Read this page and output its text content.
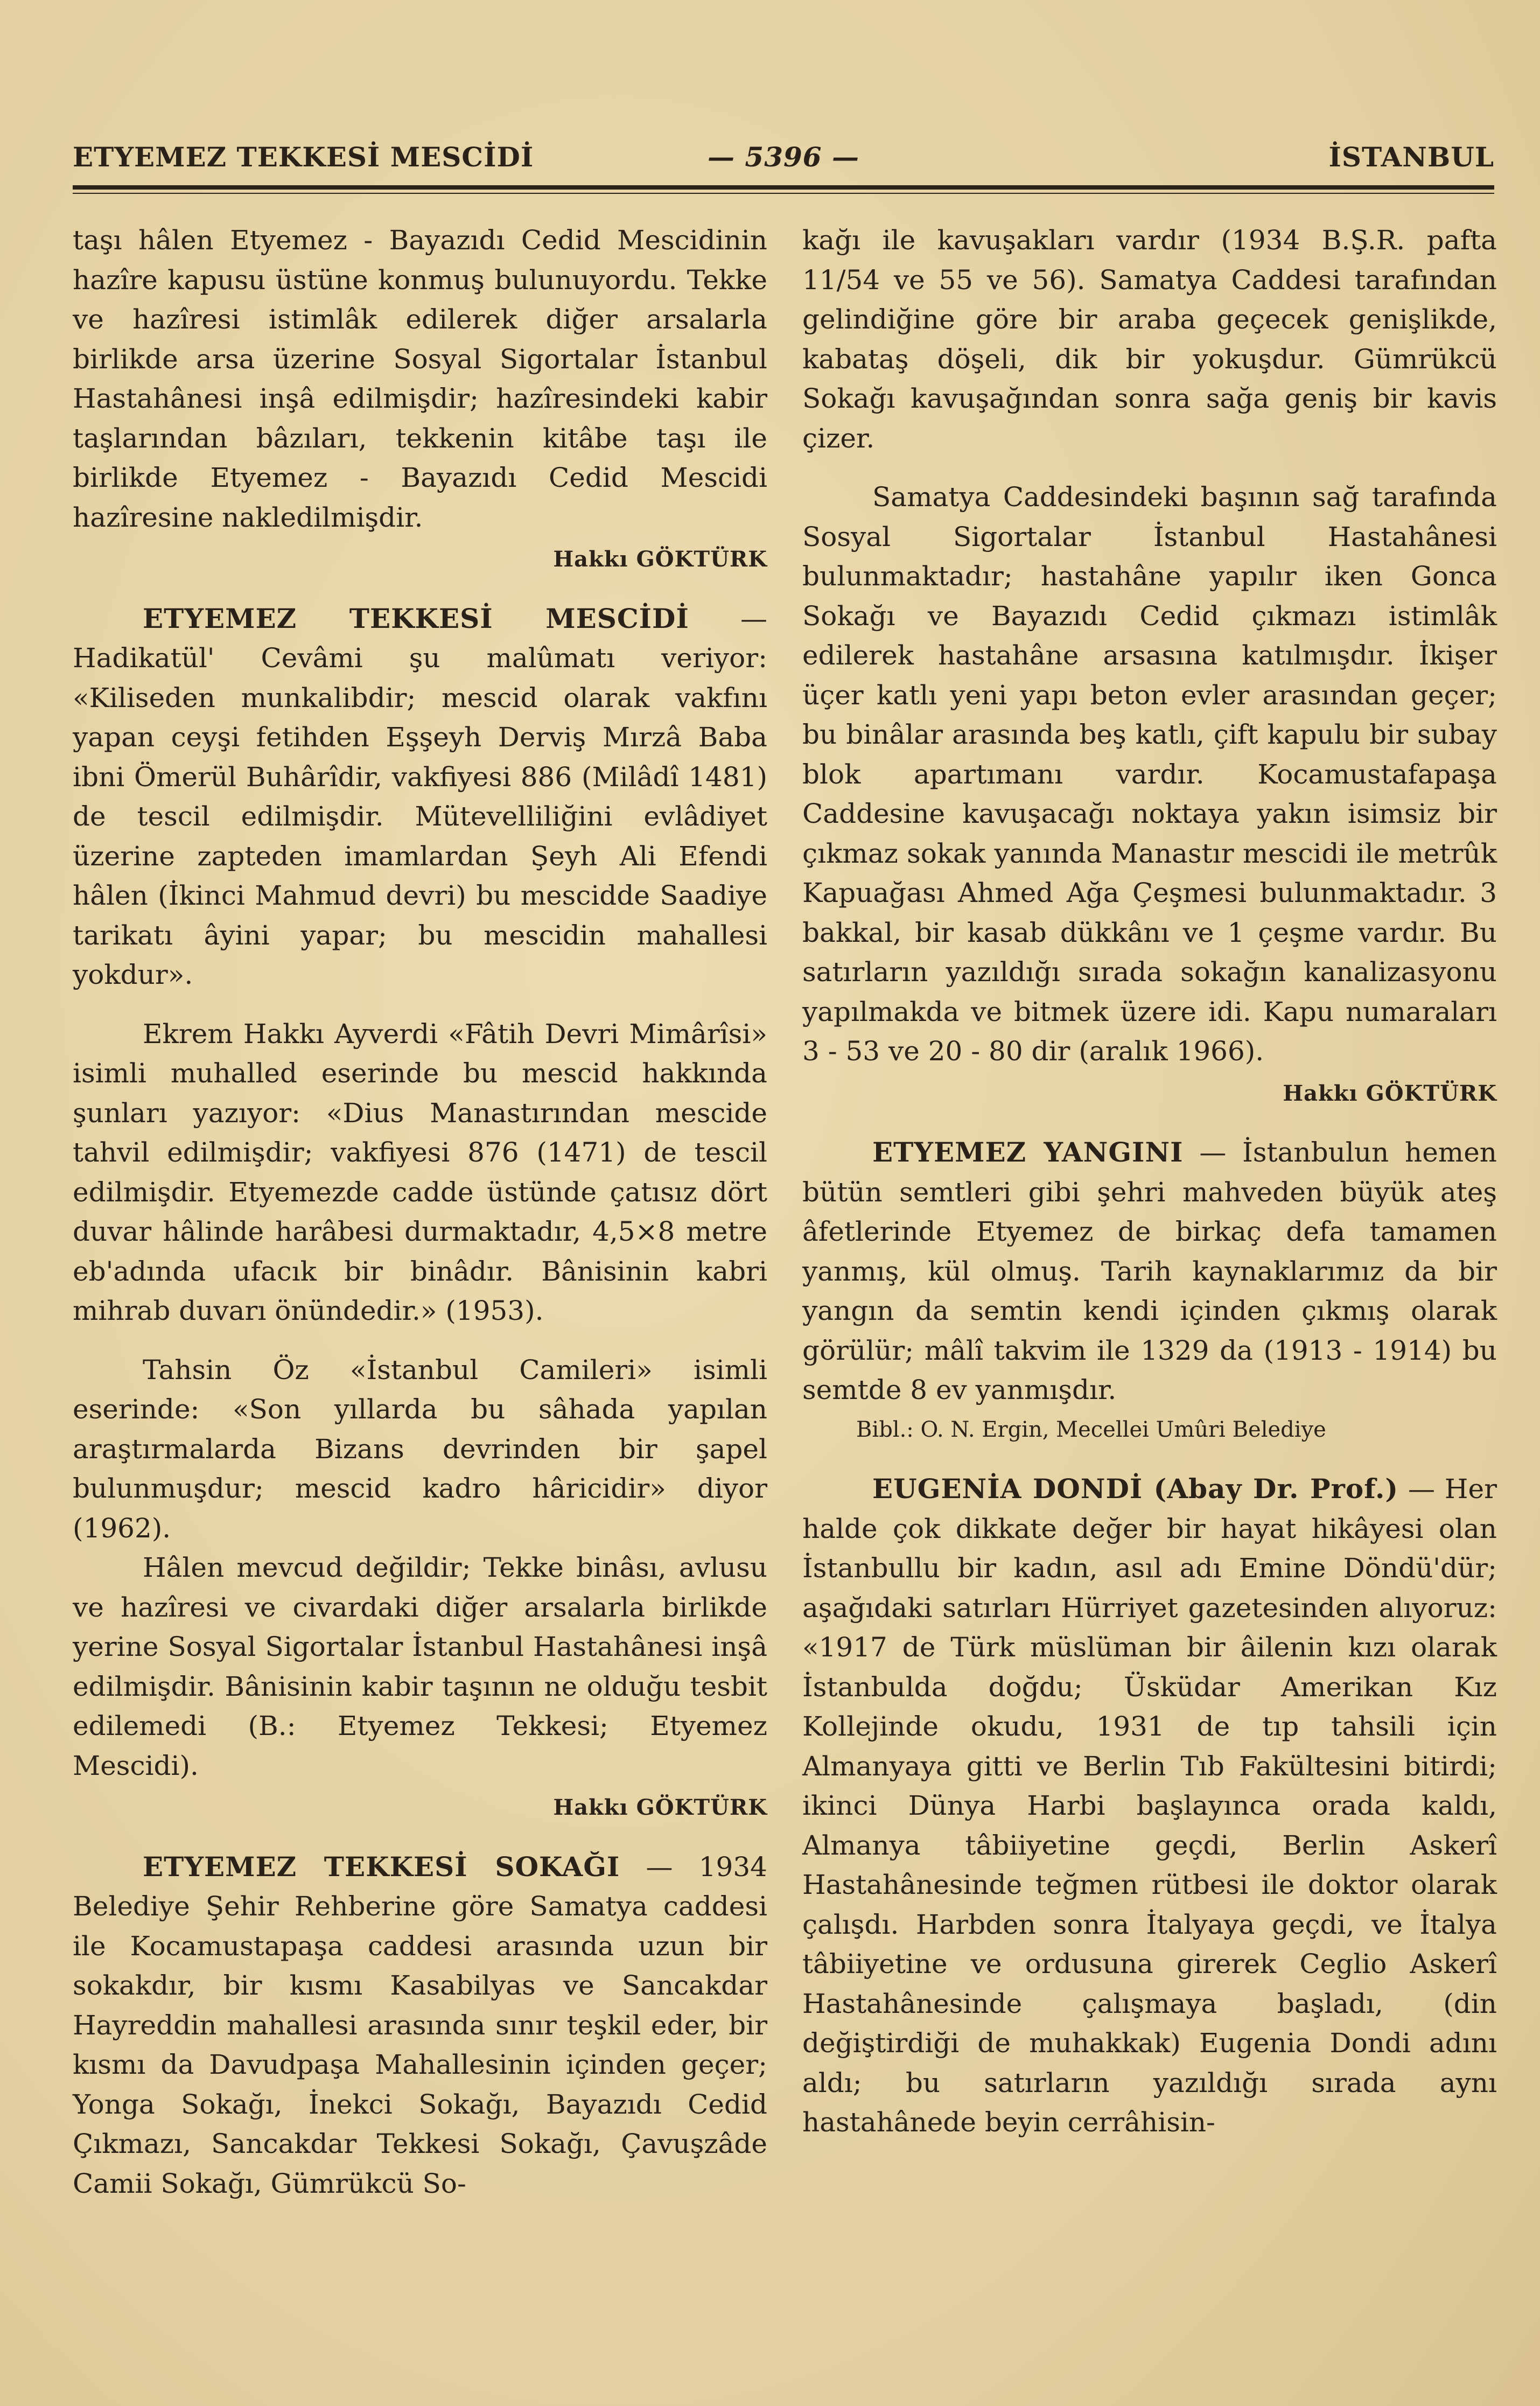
ETYEMEZ TEKKESİ MESCİDİ	— 5396 —	İSTANBUL

taşı hâlen Etyemez - Bayazıdı Cedid Mescidinin hazîre kapusu üstüne konmuş bulunuyordu. Tekke ve hazîresi istimlâk edilerek diğer arsalarla birlikde arsa üzerine Sosyal Sigortalar İstanbul Hastahânesi inşâ edilmişdir; hazîresindeki kabir taşlarından bâzıları, tekkenin kitâbe taşı ile birlikde Etyemez - Bayazıdı Cedid Mescidi hazîresine nakledilmişdir.

Hakkı GÖKTÜRK

ETYEMEZ TEKKESİ MESCİDİ — Hadikatül' Cevâmi şu malûmatı veriyor: «Kiliseden munkalibdir; mescid olarak vakfını yapan ceyşi fetihden Eşşeyh Derviş Mırzâ Baba ibni Ömerül Buhârîdir, vakfiyesi 886 (Milâdî 1481) de tescil edilmişdir. Mütevelliliğini evlâdiyet üzerine zapteden imamlardan Şeyh Ali Efendi hâlen (İkinci Mahmud devri) bu mescidde Saadiye tarikatı âyini yapar; bu mescidin mahallesi yokdur».

Ekrem Hakkı Ayverdi «Fâtih Devri Mimârîsi» isimli muhalled eserinde bu mescid hakkında şunları yazıyor: «Dius Manastırından mescide tahvil edilmişdir; vakfiyesi 876 (1471) de tescil edilmişdir. Etyemezde cadde üstünde çatısız dört duvar hâlinde harâbesi durmaktadır, 4,5×8 metre eb'adında ufacık bir binâdır. Bânisinin kabri mihrab duvarı önündedir.» (1953).

Tahsin Öz «İstanbul Camileri» isimli eserinde: «Son yıllarda bu sâhada yapılan araştırmalarda Bizans devrinden bir şapel bulunmuşdur; mescid kadro hâricidir» diyor (1962).

Hâlen mevcud değildir; Tekke binâsı, avlusu ve hazîresi ve civardaki diğer arsalarla birlikde yerine Sosyal Sigortalar İstanbul Hastahânesi inşâ edilmişdir. Bânisinin kabir taşının ne olduğu tesbit edilemedi (B.: Etyemez Tekkesi; Etyemez Mescidi).

Hakkı GÖKTÜRK

ETYEMEZ TEKKESİ SOKAĞI — 1934 Belediye Şehir Rehberine göre Samatya caddesi ile Kocamustapaşa caddesi arasında uzun bir sokakdır, bir kısmı Kasabilyas ve Sancakdar Hayreddin mahallesi arasında sınır teşkil eder, bir kısmı da Davudpaşa Mahallesinin içinden geçer; Yonga Sokağı, İnekci Sokağı, Bayazıdı Cedid Çıkmazı, Sancakdar Tekkesi Sokağı, Çavuşzâde Camii Sokağı, Gümrükcü So-

kağı ile kavuşakları vardır (1934 B.Ş.R. pafta 11/54 ve 55 ve 56). Samatya Caddesi tarafından gelindiğine göre bir araba geçecek genişlikde, kabataş döşeli, dik bir yokuşdur. Gümrükcü Sokağı kavuşağından sonra sağa geniş bir kavis çizer.

Samatya Caddesindeki başının sağ tarafında Sosyal Sigortalar İstanbul Hastahânesi bulunmaktadır; hastahâne yapılır iken Gonca Sokağı ve Bayazıdı Cedid çıkmazı istimlâk edilerek hastahâne arsasına katılmışdır. İkişer üçer katlı yeni yapı beton evler arasından geçer; bu binâlar arasında beş katlı, çift kapulu bir subay blok apartımanı vardır. Kocamustafapaşa Caddesine kavuşacağı noktaya yakın isimsiz bir çıkmaz sokak yanında Manastır mescidi ile metrûk Kapuağası Ahmed Ağa Çeşmesi bulunmaktadır. 3 bakkal, bir kasab dükkânı ve 1 çeşme vardır. Bu satırların yazıldığı sırada sokağın kanalizasyonu yapılmakda ve bitmek üzere idi. Kapu numaraları 3 - 53 ve 20 - 80 dir (aralık 1966).

Hakkı GÖKTÜRK

ETYEMEZ YANGINI — İstanbulun hemen bütün semtleri gibi şehri mahveden büyük ateş âfetlerinde Etyemez de birkaç defa tamamen yanmış, kül olmuş. Tarih kaynaklarımız da bir yangın da semtin kendi içinden çıkmış olarak görülür; mâlî takvim ile 1329 da (1913 - 1914) bu semtde 8 ev yanmışdır.

Bibl.: O. N. Ergin, Mecellei Umûri Belediye

EUGENİA DONDİ (Abay Dr. Prof.) — Her halde çok dikkate değer bir hayat hikâyesi olan İstanbullu bir kadın, asıl adı Emine Döndü'dür; aşağıdaki satırları Hürriyet gazetesinden alıyoruz: «1917 de Türk müslüman bir âilenin kızı olarak İstanbulda doğdu; Üsküdar Amerikan Kız Kollejinde okudu, 1931 de tıp tahsili için Almanyaya gitti ve Berlin Tıb Fakültesini bitirdi; ikinci Dünya Harbi başlayınca orada kaldı, Almanya tâbiiyetine geçdi, Berlin Askerî Hastahânesinde teğmen rütbesi ile doktor olarak çalışdı. Harbden sonra İtalyaya geçdi, ve İtalya tâbiiyetine ve ordusuna girerek Ceglio Askerî Hastahânesinde çalışmaya başladı, (din değiştirdiği de muhakkak) Eugenia Dondi adını aldı; bu satırların yazıldığı sırada aynı hastahânede beyin cerrâhisin-
